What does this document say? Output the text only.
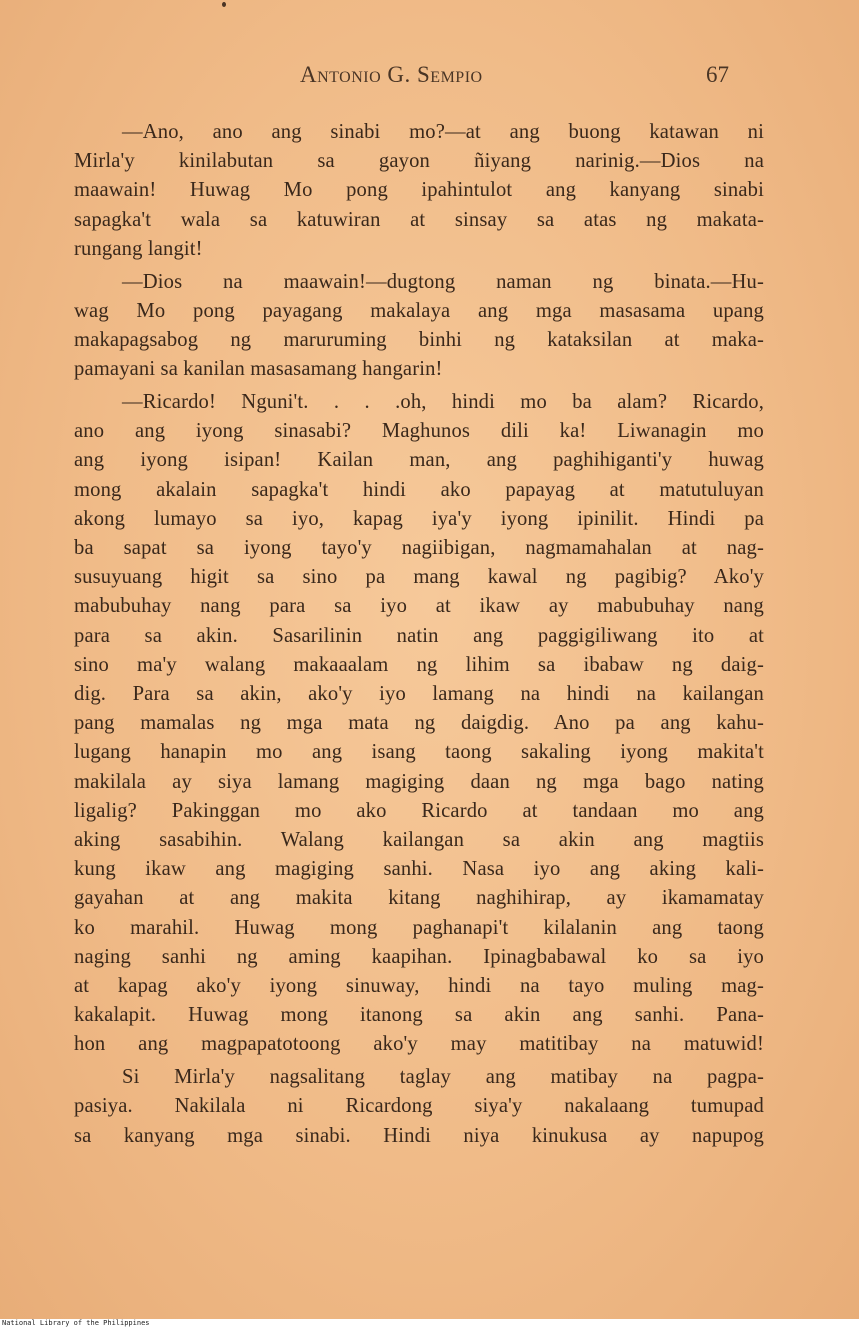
Antonio G. Sempio	67
—Ano, ano ang sinabi mo?—at ang buong katawan ni
Mirla'y kinilabutan sa gayon ñiyang narinig.—Dios na
maawain! Huwag Mo pong ipahintulot ang kanyang sinabi
sapagka't wala sa katuwiran at sinsay sa atas ng makata-
rungang langit!
—Dios na maawain!—dugtong naman ng binata.—Hu-
wag Mo pong payagang makalaya ang mga masasama upang
makapagsabog ng maruruming binhi ng kataksilan at maka-
pamayani sa kanilan masasamang hangarin!
—Ricardo! Nguni't. . . .oh, hindi mo ba alam? Ricardo,
ano ang iyong sinasabi? Maghunos dili ka! Liwanagin mo
ang iyong isipan! Kailan man, ang paghihiganti'y huwag
mong akalain sapagka't hindi ako papayag at matutuluyan
akong lumayo sa iyo, kapag iya'y iyong ipinilit. Hindi pa
ba sapat sa iyong tayo'y nagiibigan, nagmamahalan at nag-
susuyuang higit sa sino pa mang kawal ng pagibig? Ako'y
mabubuhay nang para sa iyo at ikaw ay mabubuhay nang
para sa akin. Sasarilinin natin ang paggigiliwang ito at
sino ma'y walang makaaalam ng lihim sa ibabaw ng daig-
dig. Para sa akin, ako'y iyo lamang na hindi na kailangan
pang mamalas ng mga mata ng daigdig. Ano pa ang kahu-
lugang hanapin mo ang isang taong sakaling iyong makita't
makilala ay siya lamang magiging daan ng mga bago nating
ligalig? Pakinggan mo ako Ricardo at tandaan mo ang
aking sasabihin. Walang kailangan sa akin ang magtiis
kung ikaw ang magiging sanhi. Nasa iyo ang aking kali-
gayahan at ang makita kitang naghihirap, ay ikamamatay
ko marahil. Huwag mong paghanapi't kilalanin ang taong
naging sanhi ng aming kaapihan. Ipinagbabawal ko sa iyo
at kapag ako'y iyong sinuway, hindi na tayo muling mag-
kakalapit. Huwag mong itanong sa akin ang sanhi. Pana-
hon ang magpapatotoong ako'y may matitibay na matuwid!
Si Mirla'y nagsalitang taglay ang matibay na pagpa-
pasiya. Nakilala ni Ricardong siya'y nakalaang tumupad
sa kanyang mga sinabi. Hindi niya kinukusa ay napupog
National Library of the Philippines
